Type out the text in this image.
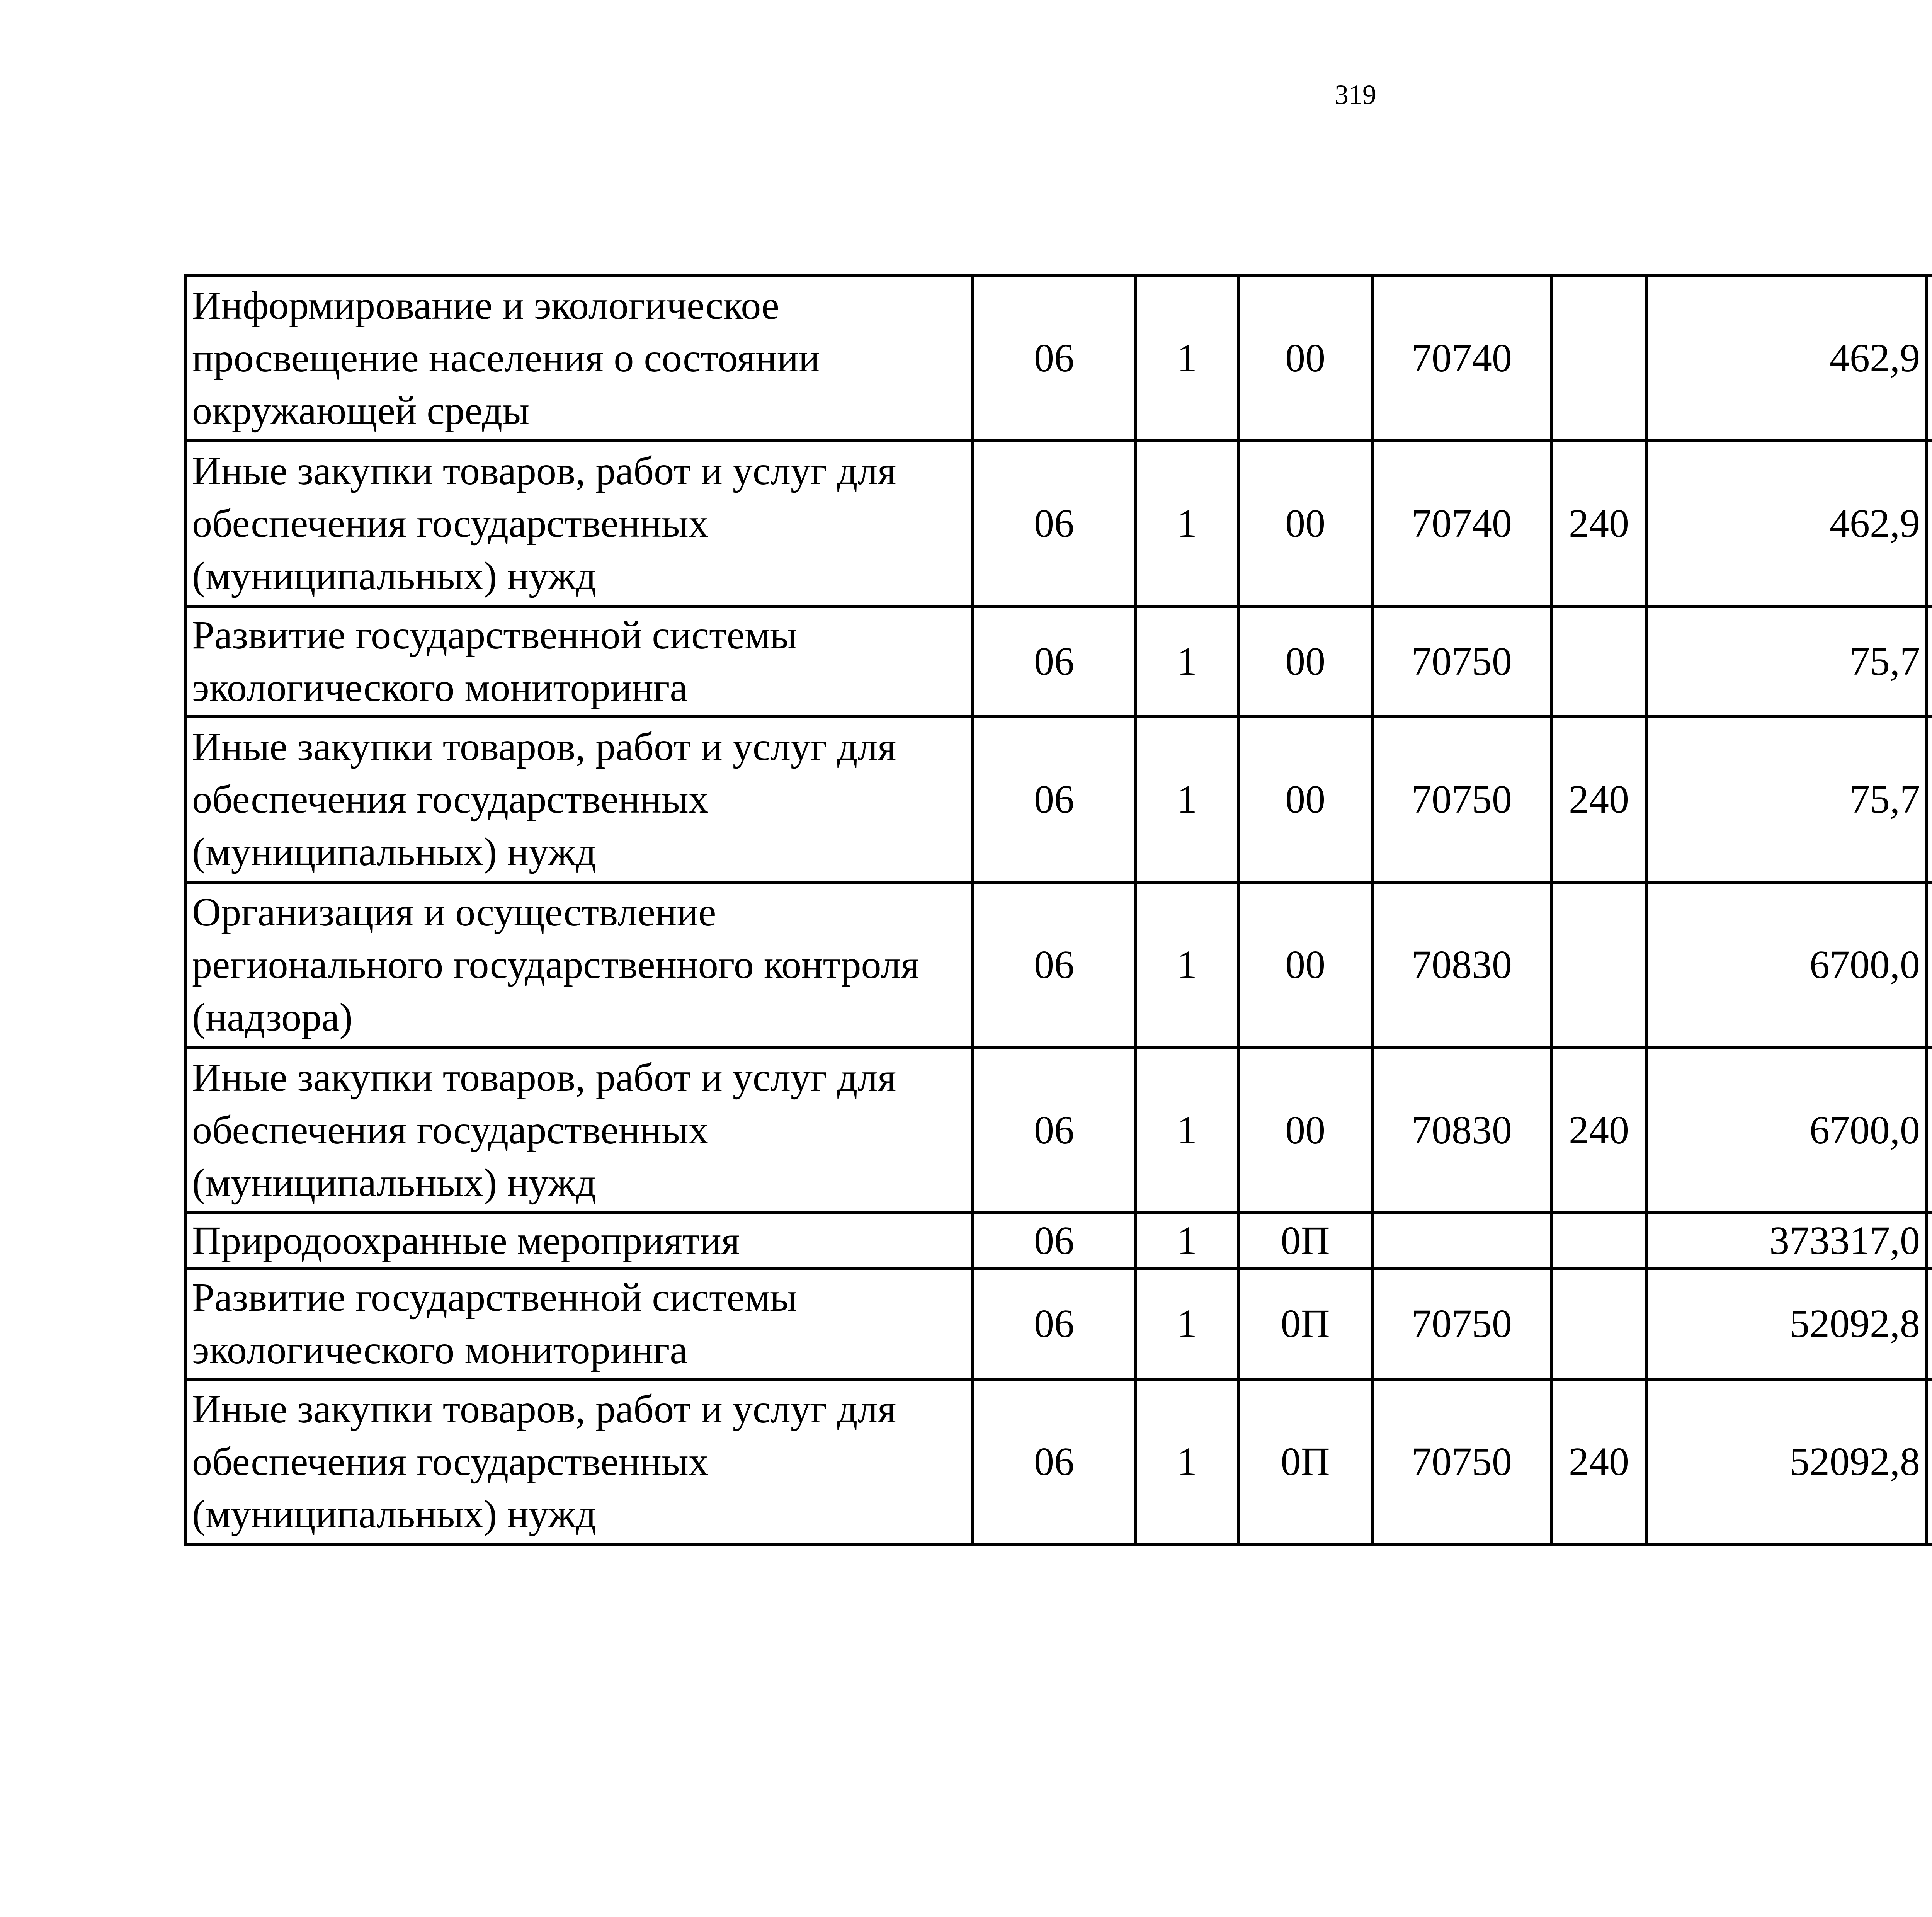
319
Информирование и экологическое просвещение населения о состоянии окружающей среды	06	1	00	70740		462,9		
Иные закупки товаров, работ и услуг для обеспечения государственных (муниципальных) нужд	06	1	00	70740	240	462,9		
Развитие государственной системы экологического мониторинга	06	1	00	70750		75,7		
Иные закупки товаров, работ и услуг для обеспечения государственных (муниципальных) нужд	06	1	00	70750	240	75,7		
Организация и осуществление регионального государственного контроля (надзора)	06	1	00	70830		6700,0		
Иные закупки товаров, работ и услуг для обеспечения государственных (муниципальных) нужд	06	1	00	70830	240	6700,0		
Природоохранные мероприятия	06	1	0П			373317,0		
Развитие государственной системы экологического мониторинга	06	1	0П	70750		52092,8		
Иные закупки товаров, работ и услуг для обеспечения государственных (муниципальных) нужд	06	1	0П	70750	240	52092,8		
